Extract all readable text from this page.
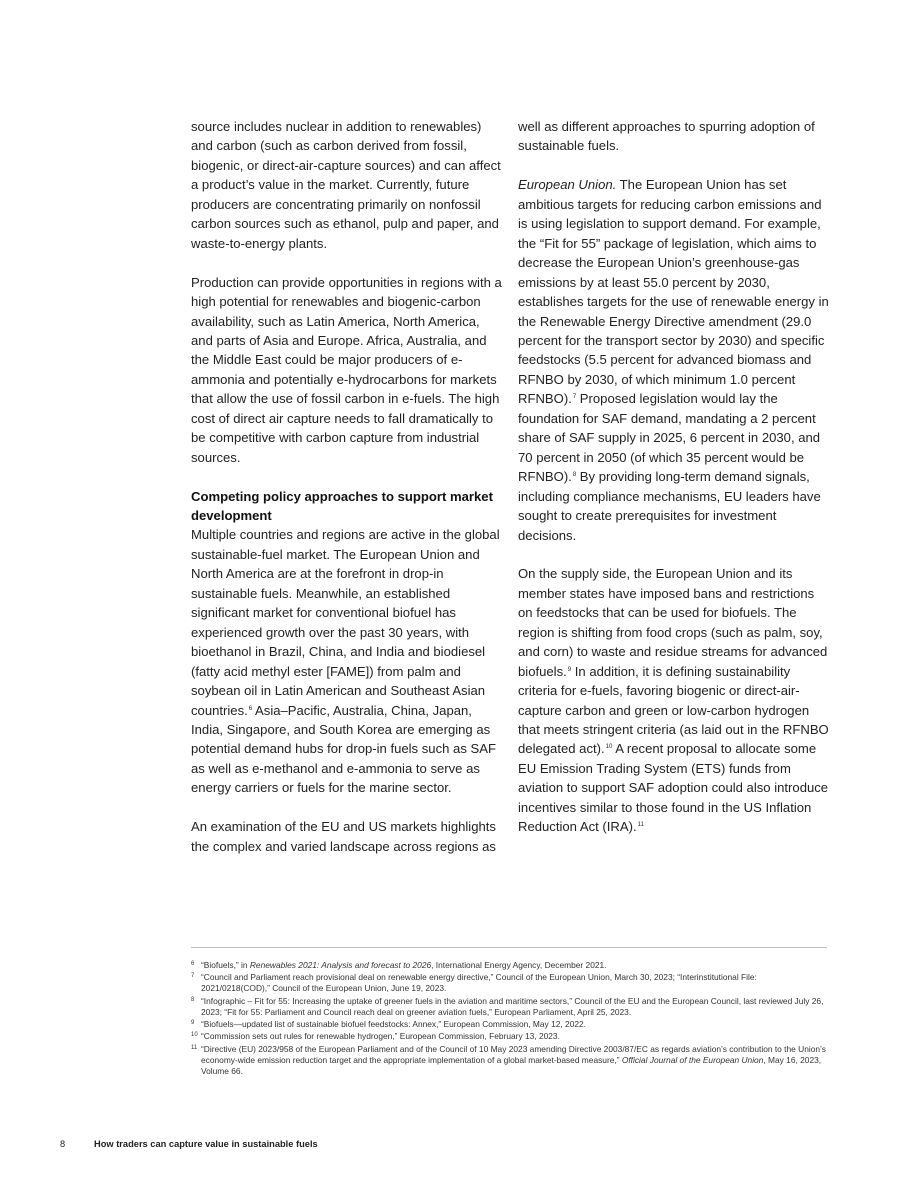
source includes nuclear in addition to renewables) and carbon (such as carbon derived from fossil, biogenic, or direct-air-capture sources) and can affect a product’s value in the market. Currently, future producers are concentrating primarily on nonfossil carbon sources such as ethanol, pulp and paper, and waste-to-energy plants.

Production can provide opportunities in regions with a high potential for renewables and biogenic-carbon availability, such as Latin America, North America, and parts of Asia and Europe. Africa, Australia, and the Middle East could be major producers of e-ammonia and potentially e-hydrocarbons for markets that allow the use of fossil carbon in e-fuels. The high cost of direct air capture needs to fall dramatically to be competitive with carbon capture from industrial sources.

Competing policy approaches to support market development

Multiple countries and regions are active in the global sustainable-fuel market. The European Union and North America are at the forefront in drop-in sustainable fuels. Meanwhile, an established significant market for conventional biofuel has experienced growth over the past 30 years, with bioethanol in Brazil, China, and India and biodiesel (fatty acid methyl ester [FAME]) from palm and soybean oil in Latin American and Southeast Asian countries.$^6$ Asia–Pacific, Australia, China, Japan, India, Singapore, and South Korea are emerging as potential demand hubs for drop-in fuels such as SAF as well as e-methanol and e-ammonia to serve as energy carriers or fuels for the marine sector.

An examination of the EU and US markets highlights the complex and varied landscape across regions as

well as different approaches to spurring adoption of sustainable fuels.

European Union. The European Union has set ambitious targets for reducing carbon emissions and is using legislation to support demand. For example, the “Fit for 55” package of legislation, which aims to decrease the European Union’s greenhouse-gas emissions by at least 55.0 percent by 2030, establishes targets for the use of renewable energy in the Renewable Energy Directive amendment (29.0 percent for the transport sector by 2030) and specific feedstocks (5.5 percent for advanced biomass and RFNBO by 2030, of which minimum 1.0 percent RFNBO).$^7$ Proposed legislation would lay the foundation for SAF demand, mandating a 2 percent share of SAF supply in 2025, 6 percent in 2030, and 70 percent in 2050 (of which 35 percent would be RFNBO).$^8$ By providing long-term demand signals, including compliance mechanisms, EU leaders have sought to create prerequisites for investment decisions.

On the supply side, the European Union and its member states have imposed bans and restrictions on feedstocks that can be used for biofuels. The region is shifting from food crops (such as palm, soy, and corn) to waste and residue streams for advanced biofuels.$^9$ In addition, it is defining sustainability criteria for e-fuels, favoring biogenic or direct-air-capture carbon and green or low-carbon hydrogen that meets stringent criteria (as laid out in the RFNBO delegated act).$^{10}$ A recent proposal to allocate some EU Emission Trading System (ETS) funds from aviation to support SAF adoption could also introduce incentives similar to those found in the US Inflation Reduction Act (IRA).$^{11}$

6 “Biofuels,” in Renewables 2021: Analysis and forecast to 2026, International Energy Agency, December 2021.
7 “Council and Parliament reach provisional deal on renewable energy directive,” Council of the European Union, March 30, 2023; “Interinstitutional File: 2021/0218(COD),” Council of the European Union, June 19, 2023.
8 “Infographic – Fit for 55: Increasing the uptake of greener fuels in the aviation and maritime sectors,” Council of the EU and the European Council, last reviewed July 26, 2023; “Fit for 55: Parliament and Council reach deal on greener aviation fuels,” European Parliament, April 25, 2023.
9 “Biofuels—updated list of sustainable biofuel feedstocks: Annex,” European Commission, May 12, 2022.
10 “Commission sets out rules for renewable hydrogen,” European Commission, February 13, 2023.
11 “Directive (EU) 2023/958 of the European Parliament and of the Council of 10 May 2023 amending Directive 2003/87/EC as regards aviation’s contribution to the Union’s economy-wide emission reduction target and the appropriate implementation of a global market-based measure,” Official Journal of the European Union, May 16, 2023, Volume 66.
8	How traders can capture value in sustainable fuels
